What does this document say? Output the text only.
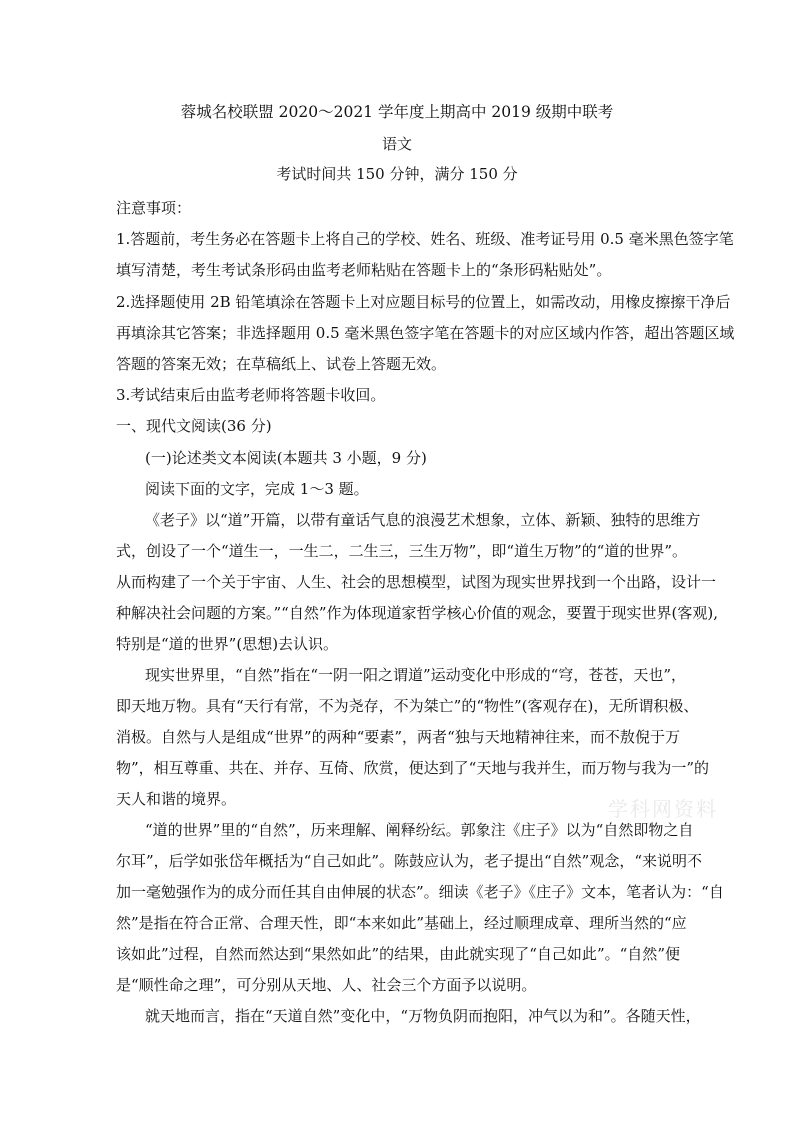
蓉城名校联盟 2020～2021 学年度上期高中 2019 级期中联考
语文
考试时间共 150 分钟，满分 150 分
注意事项：
1.答题前，考生务必在答题卡上将自己的学校、姓名、班级、准考证号用 0.5 毫米黑色签字笔
填写清楚，考生考试条形码由监考老师粘贴在答题卡上的“条形码粘贴处”。
2.选择题使用 2B 铅笔填涂在答题卡上对应题目标号的位置上，如需改动，用橡皮擦擦干净后
再填涂其它答案；非选择题用 0.5 毫米黑色签字笔在答题卡的对应区域内作答，超出答题区域
答题的答案无效；在草稿纸上、试卷上答题无效。
3.考试结束后由监考老师将答题卡收回。
一、现代文阅读(36 分)
(一)论述类文本阅读(本题共 3 小题，9 分)
阅读下面的文字，完成 1～3 题。
《老子》以“道”开篇，以带有童话气息的浪漫艺术想象，立体、新颖、独特的思维方
式，创设了一个“道生一，一生二，二生三，三生万物”，即“道生万物”的“道的世界”。
从而构建了一个关于宇宙、人生、社会的思想模型，试图为现实世界找到一个出路，设计一
种解决社会问题的方案。”“自然”作为体现道家哲学核心价值的观念，要置于现实世界(客观),
特别是“道的世界”(思想)去认识。
现实世界里，“自然”指在“一阴一阳之谓道”运动变化中形成的“穹，苍苍，天也”，
即天地万物。具有“天行有常，不为尧存，不为桀亡”的“物性”(客观存在)，无所谓积极、
消极。自然与人是组成“世界”的两种“要素”，两者“独与天地精神往来，而不敖倪于万
物”，相互尊重、共在、并存、互倚、欣赏，便达到了“天地与我并生，而万物与我为一”的
天人和谐的境界。
“道的世界”里的“自然”，历来理解、阐释纷纭。郭象注《庄子》以为“自然即物之自
尔耳”，后学如张岱年概括为“自己如此”。陈鼓应认为，老子提出“自然”观念，“来说明不
加一毫勉强作为的成分而任其自由伸展的状态”。细读《老子》《庄子》文本，笔者认为：“自
然”是指在符合正常、合理天性，即“本来如此”基础上，经过顺理成章、理所当然的“应
该如此”过程，自然而然达到“果然如此”的结果，由此就实现了“自己如此”。“自然”便
是“顺性命之理”，可分别从天地、人、社会三个方面予以说明。
就天地而言，指在“天道自然”变化中，“万物负阴而抱阳，冲气以为和”。各随天性，
学科网资料
